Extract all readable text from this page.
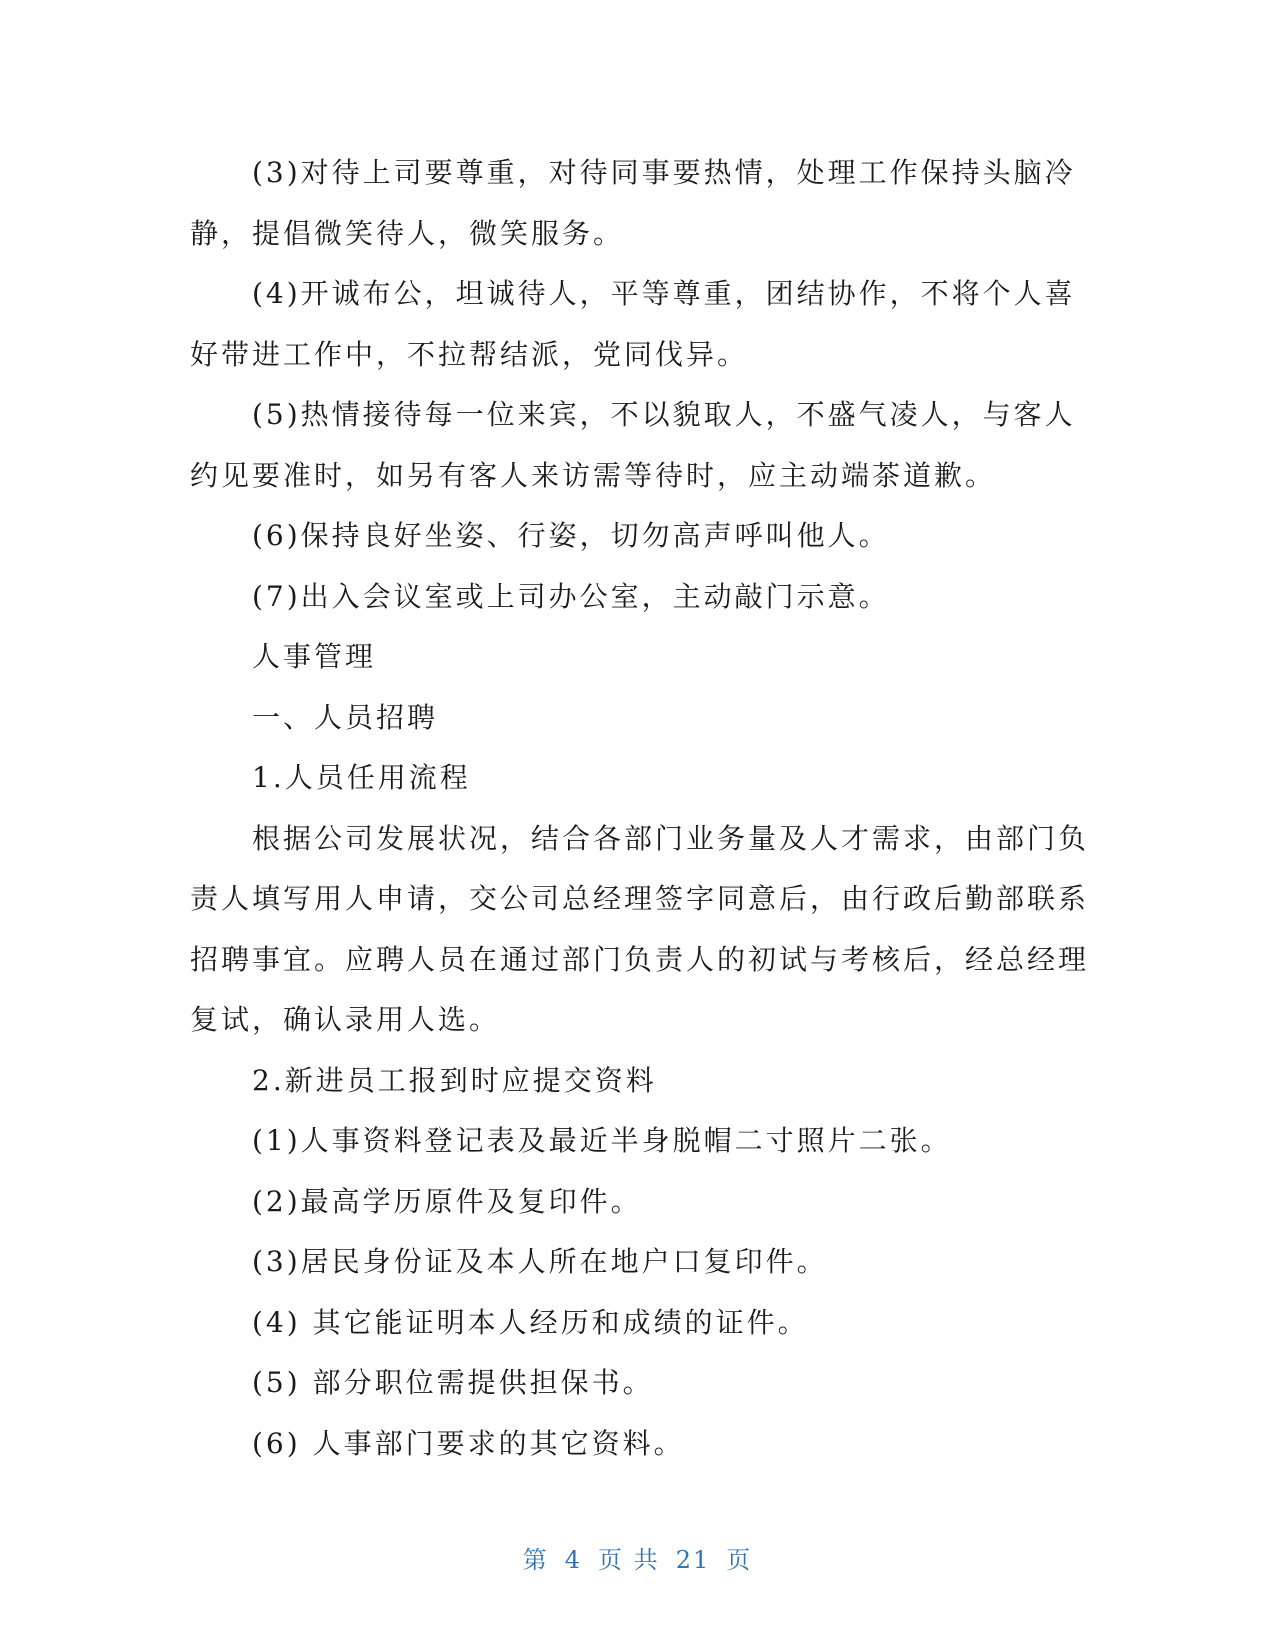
(3)对待上司要尊重，对待同事要热情，处理工作保持头脑冷静，提倡微笑待人，微笑服务。

(4)开诚布公，坦诚待人，平等尊重，团结协作，不将个人喜好带进工作中，不拉帮结派，党同伐异。

(5)热情接待每一位来宾，不以貌取人，不盛气凌人，与客人约见要准时，如另有客人来访需等待时，应主动端茶道歉。

(6)保持良好坐姿、行姿，切勿高声呼叫他人。

(7)出入会议室或上司办公室，主动敲门示意。

人事管理

一、人员招聘

1.人员任用流程

根据公司发展状况，结合各部门业务量及人才需求，由部门负责人填写用人申请，交公司总经理签字同意后，由行政后勤部联系招聘事宜。应聘人员在通过部门负责人的初试与考核后，经总经理复试，确认录用人选。

2.新进员工报到时应提交资料

(1)人事资料登记表及最近半身脱帽二寸照片二张。

(2)最高学历原件及复印件。

(3)居民身份证及本人所在地户口复印件。

(4) 其它能证明本人经历和成绩的证件。

(5) 部分职位需提供担保书。

(6) 人事部门要求的其它资料。

第 4 页 共 21 页
